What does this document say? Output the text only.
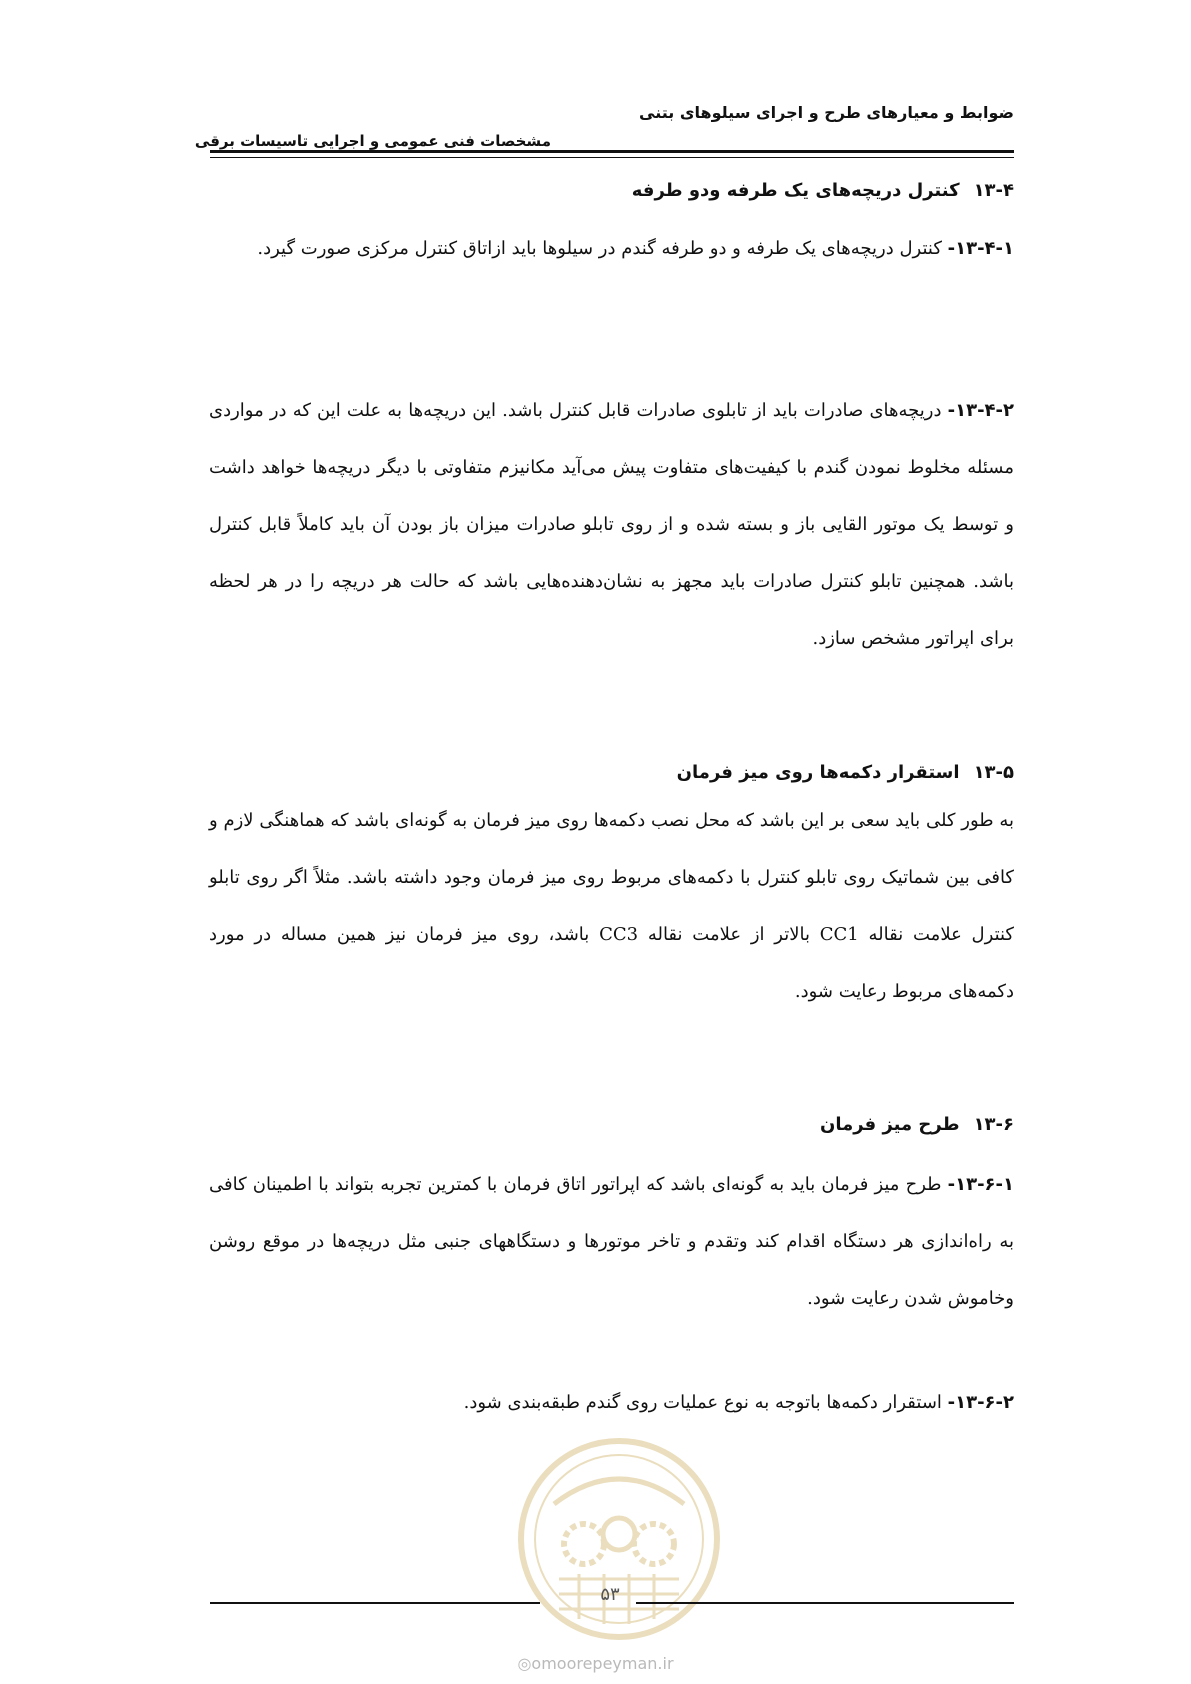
ضوابط و معیارهای طرح و اجرای سیلوهای بتنی
مشخصات فنی عمومی و اجرایی تاسیسات برقی
۱۳-۴کنترل دریچه‌های یک طرفه ودو طرفه
۱۳-۴-۱- کنترل دریچه‌های یک طرفه و دو طرفه گندم در سیلوها باید ازاتاق کنترل مرکزی صورت گیرد.
۱۳-۴-۲- دریچه‌های صادرات باید از تابلوی صادرات قابل کنترل باشد. این دریچه‌ها به علت این که در مواردی مسئله مخلوط نمودن گندم با کیفیت‌های متفاوت پیش می‌آید مکانیزم متفاوتی با دیگر دریچه‌ها خواهد داشت و توسط یک موتور القایی باز و بسته شده و از روی تابلو صادرات میزان باز بودن آن باید کاملاً قابل کنترل باشد. همچنین تابلو کنترل صادرات باید مجهز به نشان‌دهنده‌هایی باشد که حالت هر دریچه را در هر لحظه برای اپراتور مشخص سازد.
۱۳-۵استقرار دکمه‌ها روی میز فرمان
به طور کلی باید سعی بر این باشد که محل نصب دکمه‌ها روی میز فرمان به گونه‌ای باشد که هماهنگی لازم و کافی بین شماتیک روی تابلو کنترل با دکمه‌های مربوط روی میز فرمان وجود داشته باشد. مثلاً اگر روی تابلو کنترل علامت نقاله CC1 بالاتر از علامت نقاله CC3 باشد، روی میز فرمان نیز همین مساله در مورد دکمه‌های مربوط رعایت شود.
۱۳-۶طرح میز فرمان
۱۳-۶-۱- طرح میز فرمان باید به گونه‌ای باشد که اپراتور اتاق فرمان با کمترین تجربه بتواند با اطمینان کافی به راه‌اندازی هر دستگاه اقدام کند وتقدم و تاخر موتورها و دستگاههای جنبی مثل دریچه‌ها در موقع روشن وخاموش شدن رعایت شود.
۱۳-۶-۲- استقرار دکمه‌ها باتوجه به نوع عملیات روی گندم طبقه‌بندی شود.
۵۳
◎omoorepeyman.ir
